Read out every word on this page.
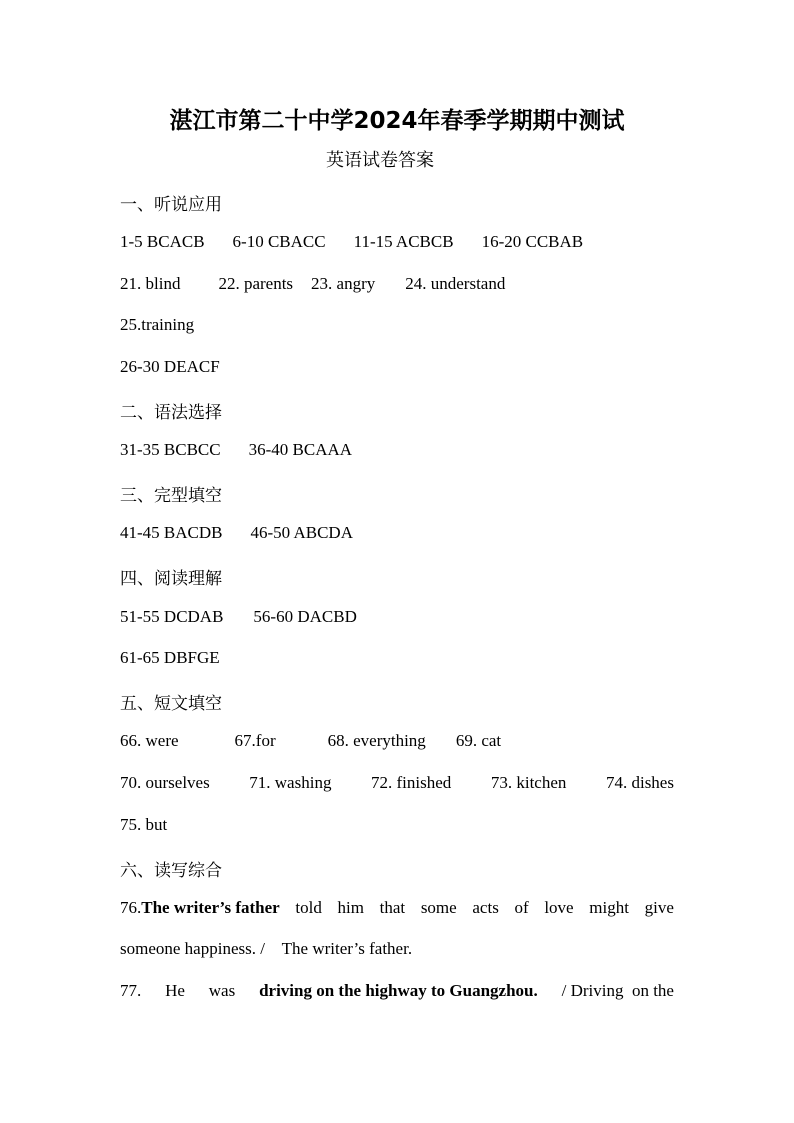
湛江市第二十中学2024年春季学期期中测试
英语试卷答案
一、听说应用
1-5 BCACB 6-10 CBACC 11-15 ACBCB 16-20 CCBAB
21. blind 22. parents 23. angry 24. understand
25.training
26-30 DEACF
二、语法选择
31-35 BCBCC 36-40 BCAAA
三、完型填空
41-45 BACDB 46-50 ABCDA
四、阅读理解
51-55 DCDAB 56-60 DACBD
61-65 DBFGE
五、短文填空
66. were	67.for	68. everything 69. cat
70. ourselves 71. washing 72. finished 73. kitchen 74. dishes
75. but
六、读写综合
76.The writer’s father told him that some acts of love might give
someone happiness. /    The writer’s father.
77. He was driving on the highway to Guangzhou. / Driving  on the
